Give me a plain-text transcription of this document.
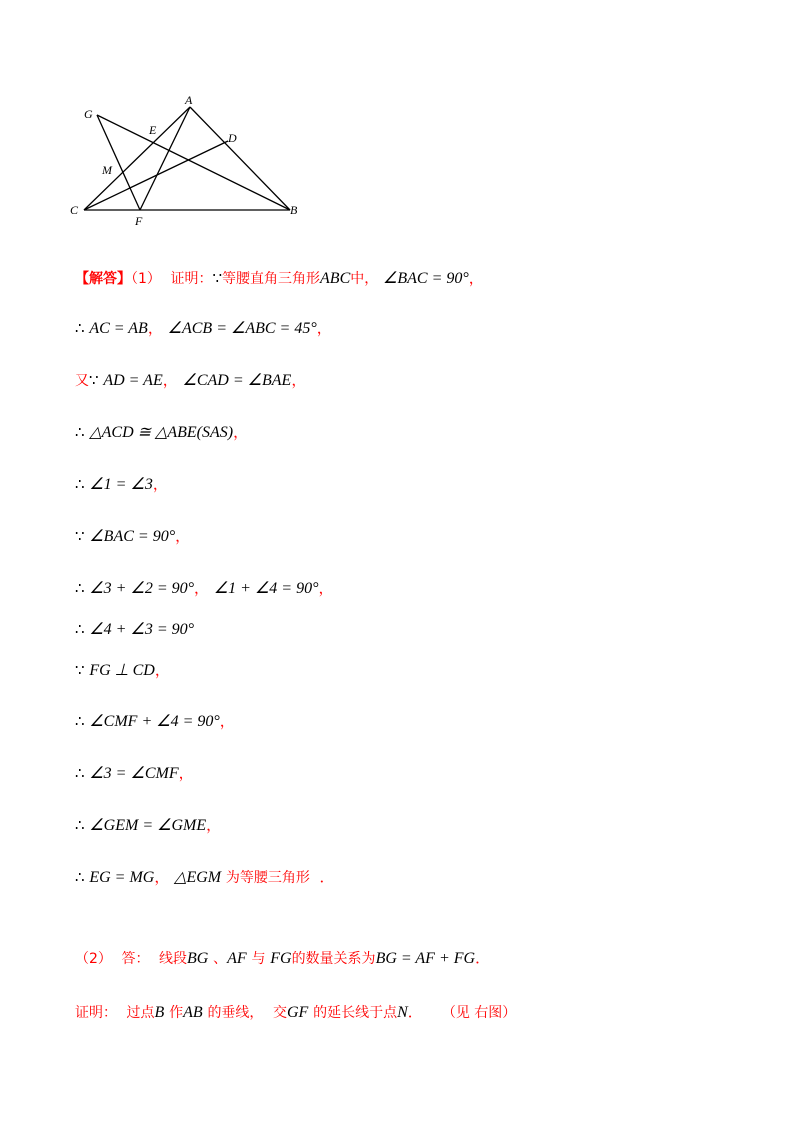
G
A
E
D
M
C
F
B
【解答】（1） 证明：∵等腰直角三角形ABC中， ∠BAC = 90°，
∴ AC = AB， ∠ACB = ∠ABC = 45°，
又∵ AD = AE， ∠CAD = ∠BAE，
∴ △ACD ≅ △ABE(SAS)，
∴ ∠1 = ∠3，
∵ ∠BAC = 90°，
∴ ∠3 + ∠2 = 90°， ∠1 + ∠4 = 90°，
∴ ∠4 + ∠3 = 90°
∵ FG ⊥ CD，
∴ ∠CMF + ∠4 = 90°，
∴ ∠3 = ∠CMF，
∴ ∠GEM = ∠GME，
∴ EG = MG， △EGM 为等腰三角形 ．
（2） 答： 线段BG 、AF 与 FG的数量关系为BG = AF + FG．
证明： 过点B 作AB 的垂线， 交GF 的延长线于点N． （见 右图）
